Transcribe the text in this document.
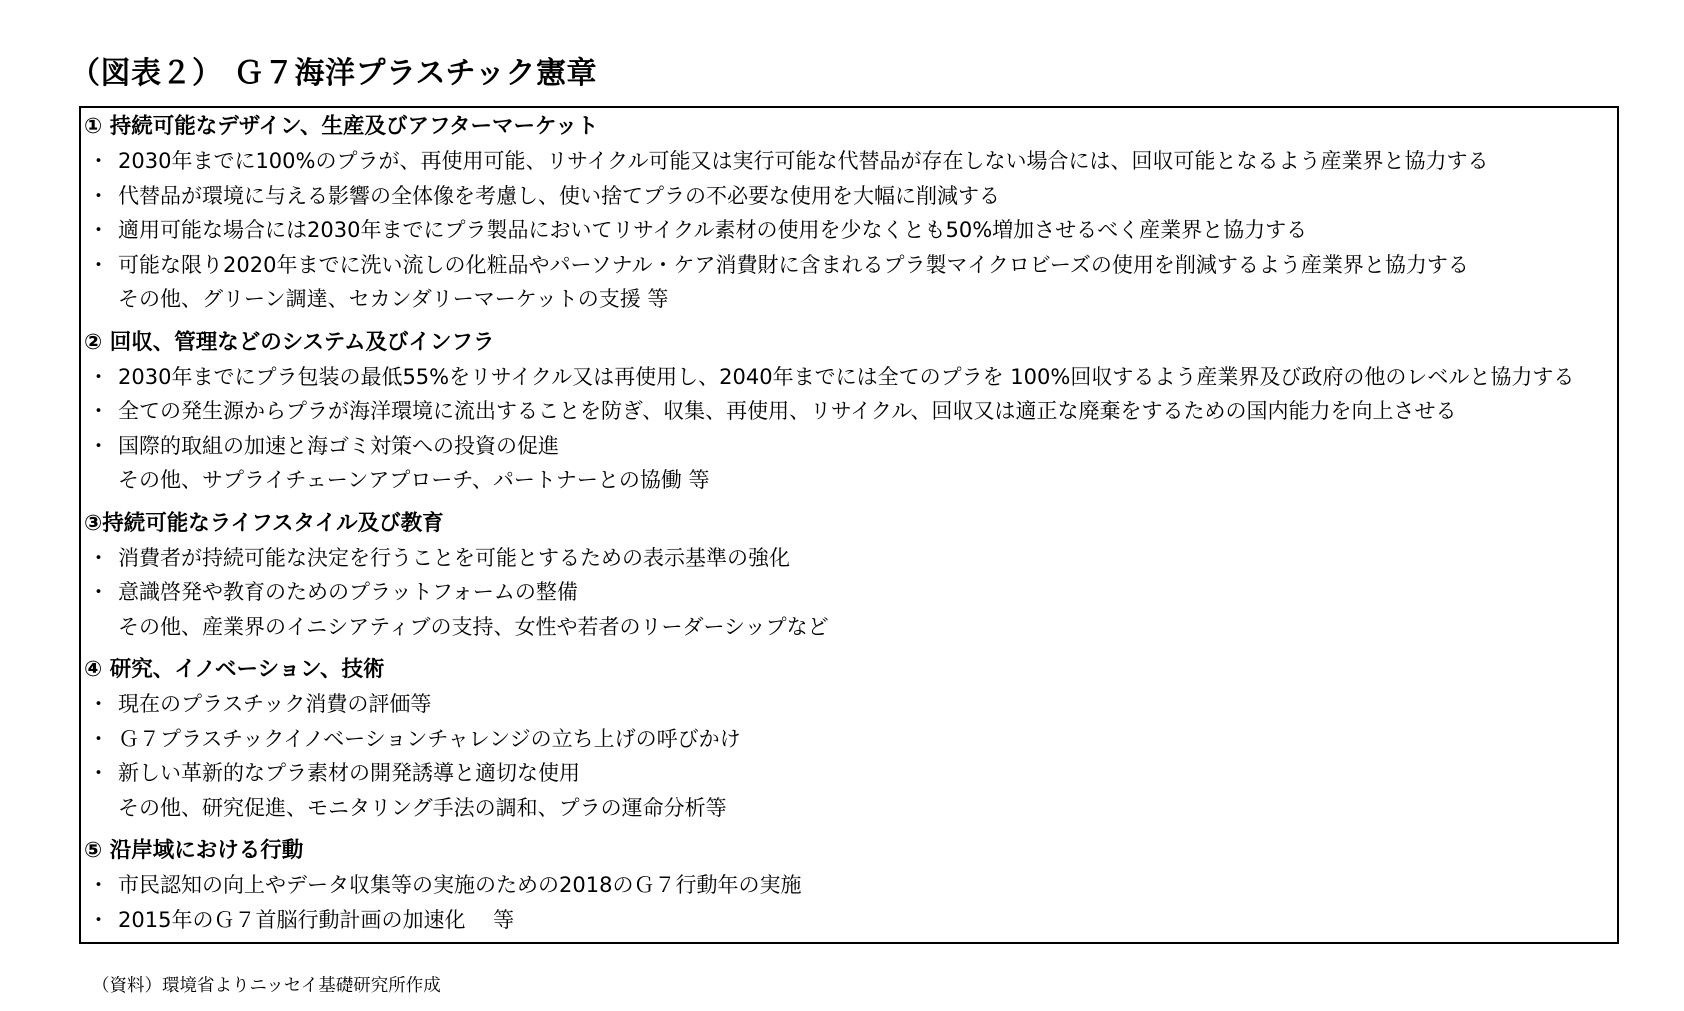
（図表２） Ｇ７海洋プラスチック憲章
① 持続可能なデザイン、生産及びアフターマーケット
・ 2030年までに100%のプラが、再使用可能、リサイクル可能又は実行可能な代替品が存在しない場合には、回収可能となるよう産業界と協力する
・ 代替品が環境に与える影響の全体像を考慮し、使い捨てプラの不必要な使用を大幅に削減する
・ 適用可能な場合には2030年までにプラ製品においてリサイクル素材の使用を少なくとも50%増加させるべく産業界と協力する
・ 可能な限り2020年までに洗い流しの化粧品やパーソナル・ケア消費財に含まれるプラ製マイクロビーズの使用を削減するよう産業界と協力する
その他、グリーン調達、セカンダリーマーケットの支援 等
② 回収、管理などのシステム及びインフラ
・ 2030年までにプラ包装の最低55%をリサイクル又は再使用し、2040年までには全てのプラを 100%回収するよう産業界及び政府の他のレベルと協力する
・ 全ての発生源からプラが海洋環境に流出することを防ぎ、収集、再使用、リサイクル、回収又は適正な廃棄をするための国内能力を向上させる
・ 国際的取組の加速と海ゴミ対策への投資の促進
その他、サプライチェーンアプローチ、パートナーとの協働 等
③持続可能なライフスタイル及び教育
・ 消費者が持続可能な決定を行うことを可能とするための表示基準の強化
・ 意識啓発や教育のためのプラットフォームの整備
その他、産業界のイニシアティブの支持、女性や若者のリーダーシップなど
④ 研究、イノベーション、技術
・ 現在のプラスチック消費の評価等
・ Ｇ７プラスチックイノベーションチャレンジの立ち上げの呼びかけ
・ 新しい革新的なプラ素材の開発誘導と適切な使用
その他、研究促進、モニタリング手法の調和、プラの運命分析等
⑤ 沿岸域における行動
・ 市民認知の向上やデータ収集等の実施のための2018のＧ７行動年の実施
・ 2015年のＧ７首脳行動計画の加速化　 等
（資料）環境省よりニッセイ基礎研究所作成
